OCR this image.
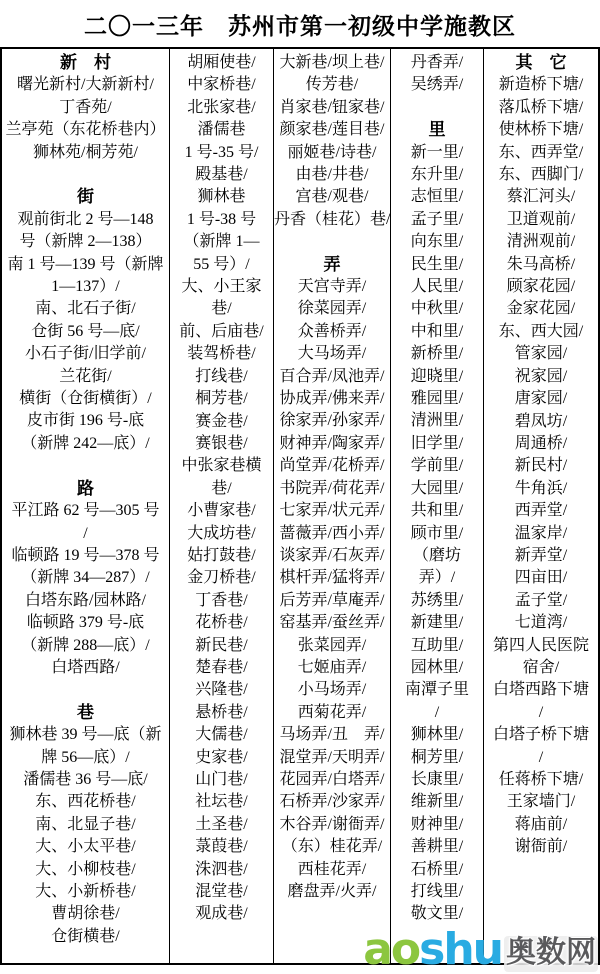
二〇一三年　苏州市第一初级中学施教区
新　村
曙光新村/大新新村/
丁香苑/
兰亭苑（东花桥巷内）
狮林苑/桐芳苑/
街
观前街北 2 号—148
号（新牌 2—138）
南 1 号—139 号（新牌
1—137）/
南、北石子街/
仓街 56 号—底/
小石子街/旧学前/
兰花街/
横街（仓街横街）/
皮市街 196 号-底
（新牌 242—底）/
路
平江路 62 号—305 号
/
临顿路 19 号—378 号
（新牌 34—287）/
白塔东路/园林路/
临顿路 379 号-底
（新牌 288—底）/
白塔西路/
巷
狮林巷 39 号—底（新
牌 56—底）/
潘儒巷 36 号—底/
东、西花桥巷/
南、北显子巷/
大、小太平巷/
大、小柳枝巷/
大、小新桥巷/
曹胡徐巷/
仓街横巷/
胡厢使巷/
中家桥巷/
北张家巷/
潘儒巷
1 号-35 号/
殿基巷/
狮林巷
1 号-38 号
（新牌 1—
55 号）/
大、小王家
巷/
前、后庙巷/
装驾桥巷/
打线巷/
桐芳巷/
赛金巷/
赛银巷/
中张家巷横
巷/
小曹家巷/
大成坊巷/
姑打鼓巷/
金刀桥巷/
丁香巷/
花桥巷/
新民巷/
楚春巷/
兴隆巷/
悬桥巷/
大儒巷/
史家巷/
山门巷/
社坛巷/
土圣巷/
菉葭巷/
洙泗巷/
混堂巷/
观成巷/
大新巷/坝上巷/
传芳巷/
肖家巷/钮家巷/
颜家巷/莲目巷/
丽姬巷/诗巷/
由巷/井巷/
宫巷/观巷/
丹香（桂花）巷/
弄
天宫寺弄/
徐菜园弄/
众善桥弄/
大马场弄/
百合弄/凤池弄/
协成弄/佛来弄/
徐家弄/孙家弄/
财神弄/陶家弄/
尚堂弄/花桥弄/
书院弄/荷花弄/
七家弄/状元弄/
蔷薇弄/西小弄/
谈家弄/石灰弄/
棋杆弄/猛将弄/
后芳弄/草庵弄/
窑基弄/蚕丝弄/
张菜园弄/
七姬庙弄/
小马场弄/
西菊花弄/
马场弄/丑　弄/
混堂弄/天明弄/
花园弄/白塔弄/
石桥弄/沙家弄/
木谷弄/谢衙弄/
（东）桂花弄/
西桂花弄/
磨盘弄/火弄/
丹香弄/
吴绣弄/
里
新一里/
东升里/
志恒里/
孟子里/
向东里/
民生里/
人民里/
中秋里/
中和里/
新桥里/
迎晓里/
雅园里/
清洲里/
旧学里/
学前里/
大园里/
共和里/
顾市里/
（磨坊
弄）/
苏绣里/
新建里/
互助里/
园林里/
南潭子里
/
狮林里/
桐芳里/
长康里/
维新里/
财神里/
善耕里/
石桥里/
打线里/
敬文里/
其　它
新造桥下塘/
落瓜桥下塘/
使林桥下塘/
东、西弄堂/
东、西脚门/
蔡汇河头/
卫道观前/
清洲观前/
朱马高桥/
顾家花园/
金家花园/
东、西大园/
管家园/
祝家园/
唐家园/
碧凤坊/
周通桥/
新民村/
牛角浜/
西弄堂/
温家岸/
新弄堂/
四亩田/
孟子堂/
七道湾/
第四人民医院
宿舍/
白塔西路下塘
/
白塔子桥下塘
/
任蒋桥下塘/
王家墙门/
蒋庙前/
谢衙前/
ao shu 奥数网
